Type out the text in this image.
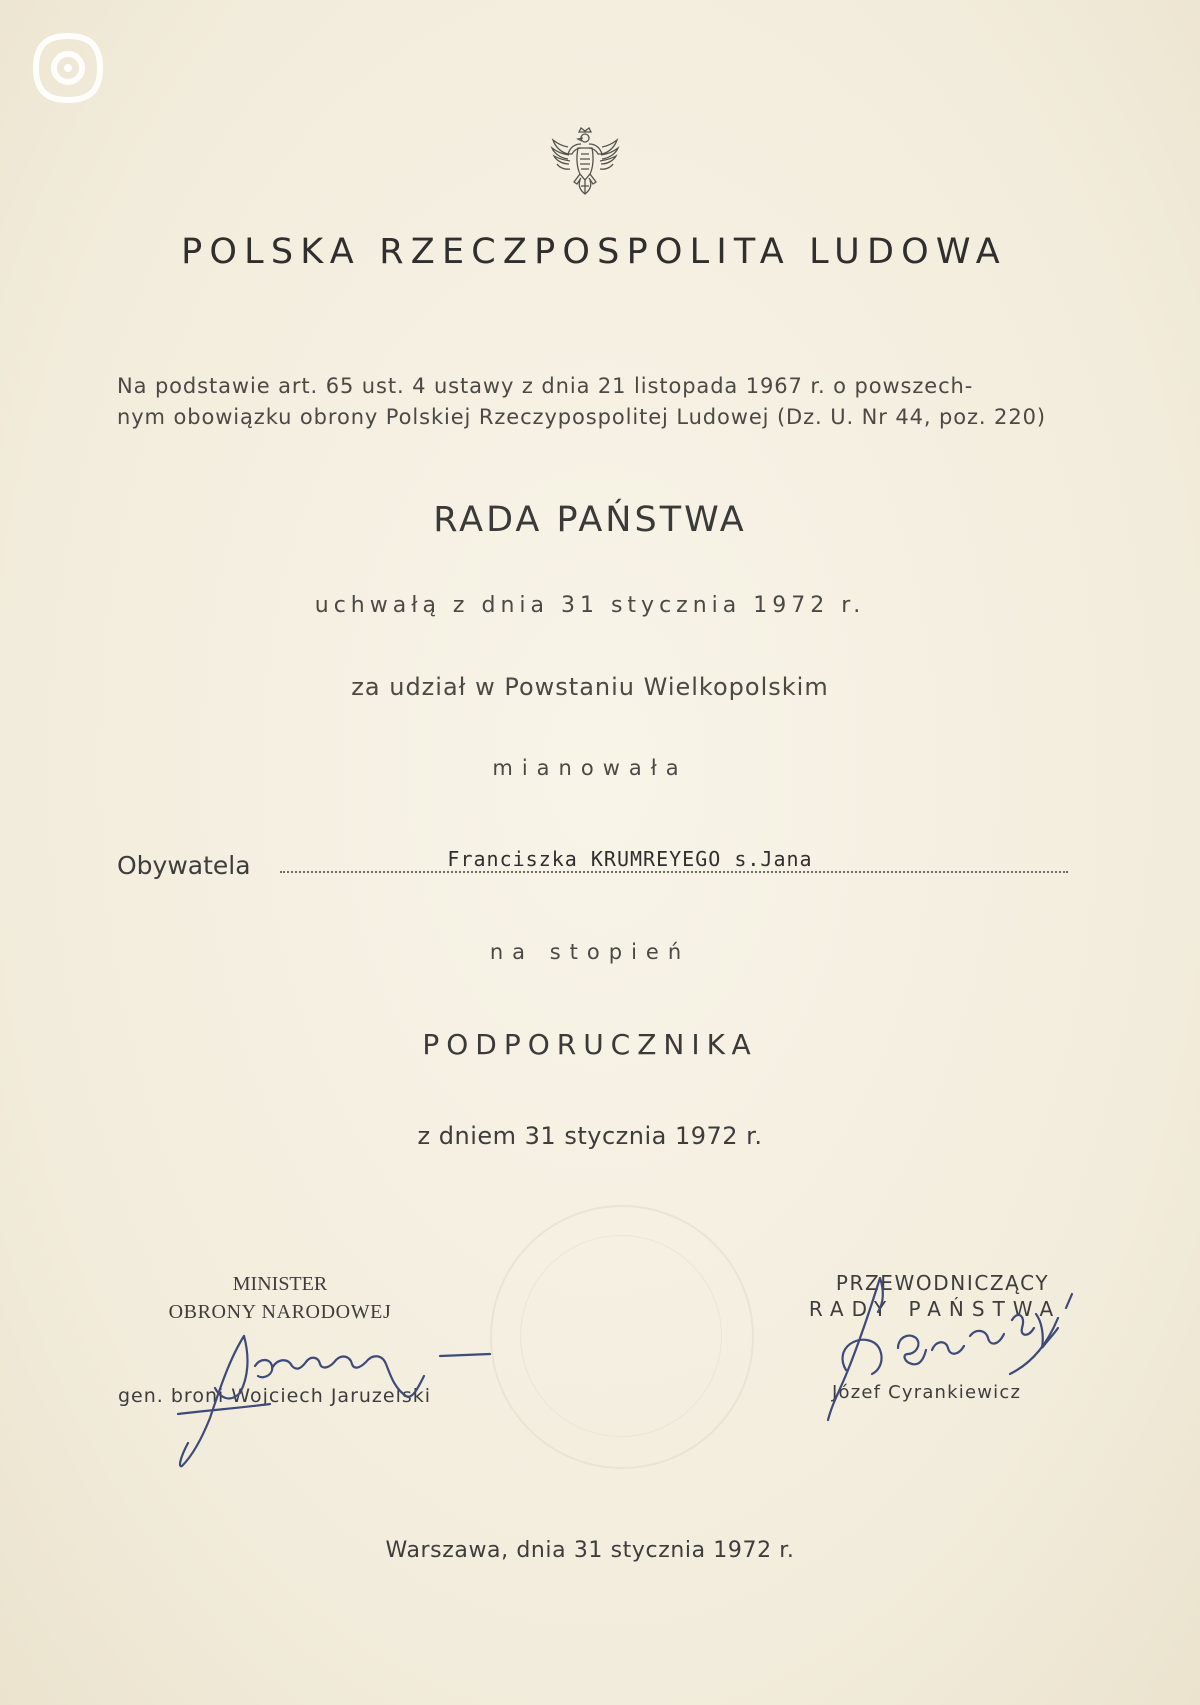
POLSKA RZECZPOSPOLITA LUDOWA
Na podstawie art. 65 ust. 4 ustawy z dnia 21 listopada 1967 r. o powszech-
nym obowiązku obrony Polskiej Rzeczypospolitej Ludowej (Dz. U. Nr 44, poz. 220)
RADA PAŃSTWA
uchwałą z dnia 31 stycznia 1972 r.
za udział w Powstaniu Wielkopolskim
mianowała
Obywatela	Franciszka KRUMREYEGO s.Jana
na stopień
PODPORUCZNIKA
z dniem 31 stycznia 1972 r.
MINISTER
OBRONY NARODOWEJ
gen. broni Wojciech Jaruzelski
PRZEWODNICZĄCY
RADY PAŃSTWA
Józef Cyrankiewicz
Warszawa, dnia 31 stycznia 1972 r.
